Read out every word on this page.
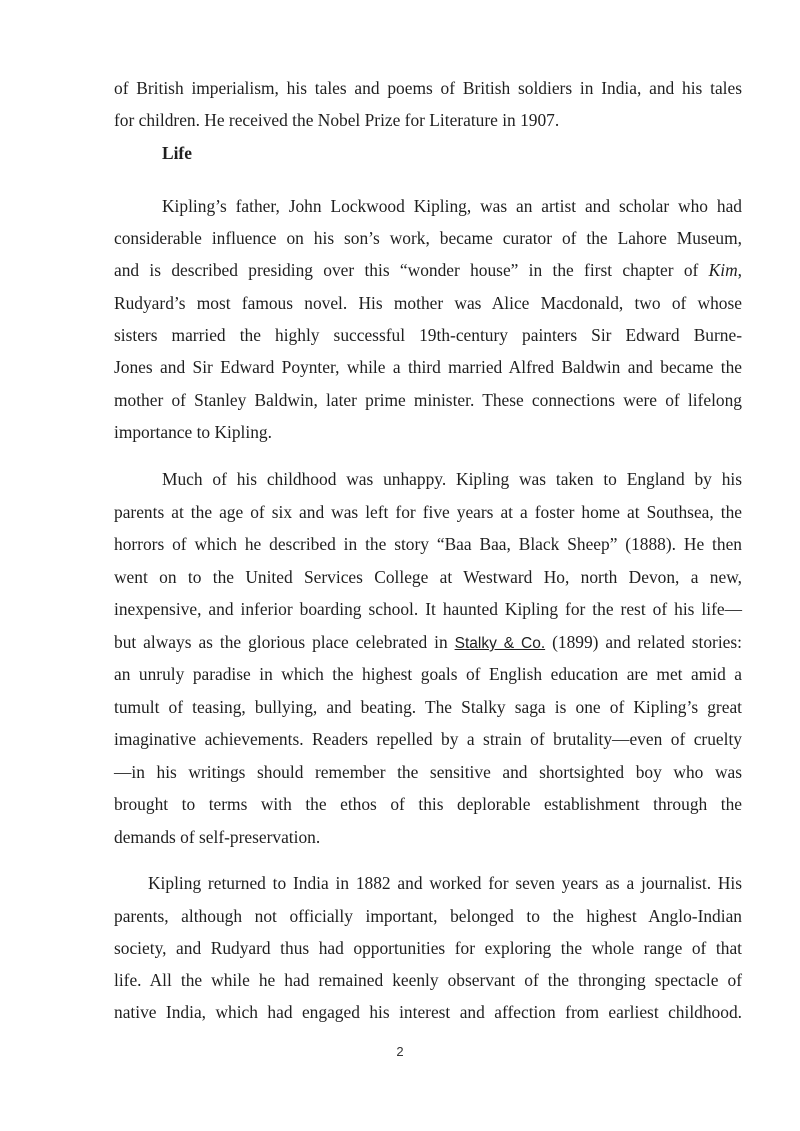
of British imperialism, his tales and poems of British soldiers in India, and his tales
for children. He received the Nobel Prize for Literature in 1907.
Life
Kipling’s father, John Lockwood Kipling, was an artist and scholar who had
considerable influence on his son’s work, became curator of the Lahore Museum,
and is described presiding over this “wonder house” in the first chapter of Kim,
Rudyard’s most famous novel. His mother was Alice Macdonald, two of whose
sisters married the highly successful 19th-century painters Sir Edward Burne-
Jones and Sir Edward Poynter, while a third married Alfred Baldwin and became the
mother of Stanley Baldwin, later prime minister. These connections were of lifelong
importance to Kipling.
Much of his childhood was unhappy. Kipling was taken to England by his
parents at the age of six and was left for five years at a foster home at Southsea, the
horrors of which he described in the story “Baa Baa, Black Sheep” (1888). He then
went on to the United Services College at Westward Ho, north Devon, a new,
inexpensive, and inferior boarding school. It haunted Kipling for the rest of his life—
but always as the glorious place celebrated in Stalky & Co. (1899) and related stories:
an unruly paradise in which the highest goals of English education are met amid a
tumult of teasing, bullying, and beating. The Stalky saga is one of Kipling’s great
imaginative achievements. Readers repelled by a strain of brutality—even of cruelty
—in his writings should remember the sensitive and shortsighted boy who was
brought to terms with the ethos of this deplorable establishment through the
demands of self-preservation.
Kipling returned to India in 1882 and worked for seven years as a journalist. His
parents, although not officially important, belonged to the highest Anglo-Indian
society, and Rudyard thus had opportunities for exploring the whole range of that
life. All the while he had remained keenly observant of the thronging spectacle of
native India, which had engaged his interest and affection from earliest childhood.
2
